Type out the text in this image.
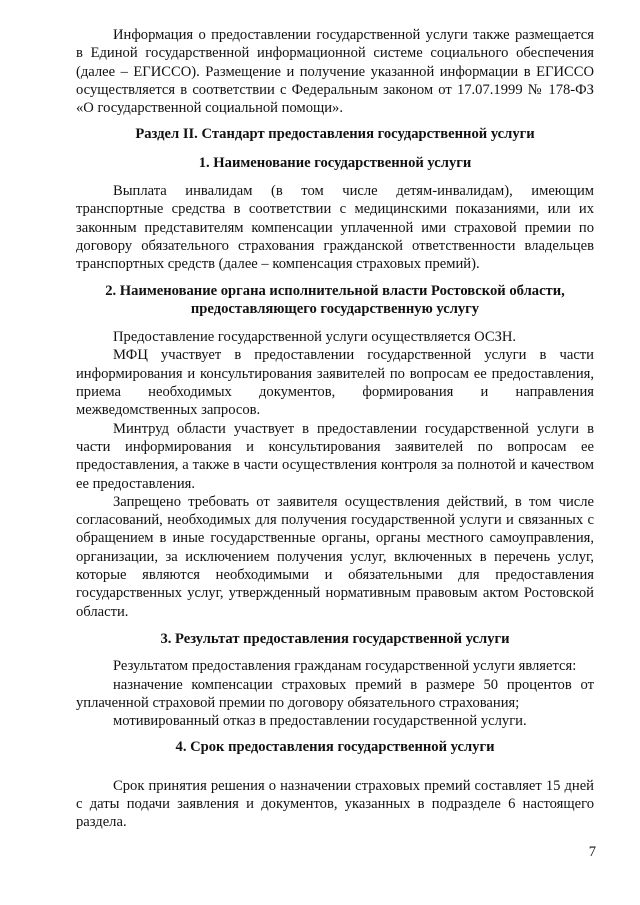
Информация о предоставлении государственной услуги также размещается в Единой государственной информационной системе социального обеспечения (далее – ЕГИССО). Размещение и получение указанной информации в ЕГИССО осуществляется в соответствии с Федеральным законом от 17.07.1999 № 178-ФЗ «О государственной социальной помощи».

Раздел II. Стандарт предоставления государственной услуги
1. Наименование государственной услуги

Выплата инвалидам (в том числе детям-инвалидам), имеющим транспортные средства в соответствии с медицинскими показаниями, или их законным представителям компенсации уплаченной ими страховой премии по договору обязательного страхования гражданской ответственности владельцев транспортных средств (далее – компенсация страховых премий).

2. Наименование органа исполнительной власти Ростовской области,
предоставляющего государственную услугу

Предоставление государственной услуги осуществляется ОСЗН.

МФЦ участвует в предоставлении государственной услуги в части информирования и консультирования заявителей по вопросам ее предоставления, приема необходимых документов, формирования и направления межведомственных запросов.

Минтруд области участвует в предоставлении государственной услуги в части информирования и консультирования заявителей по вопросам ее предоставления, а также в части осуществления контроля за полнотой и качеством ее предоставления.

Запрещено требовать от заявителя осуществления действий, в том числе согласований, необходимых для получения государственной услуги и связанных с обращением в иные государственные органы, органы местного самоуправления, организации, за исключением получения услуг, включенных в перечень услуг, которые являются необходимыми и обязательными для предоставления государственных услуг, утвержденный нормативным правовым актом Ростовской области.

3. Результат предоставления государственной услуги

Результатом предоставления гражданам государственной услуги является:

назначение компенсации страховых премий в размере 50 процентов от уплаченной страховой премии по договору обязательного страхования;

мотивированный отказ в предоставлении государственной услуги.

4. Срок предоставления государственной услуги

Срок принятия решения о назначении страховых премий составляет 15 дней с даты подачи заявления и документов, указанных в подразделе 6 настоящего раздела.

7
